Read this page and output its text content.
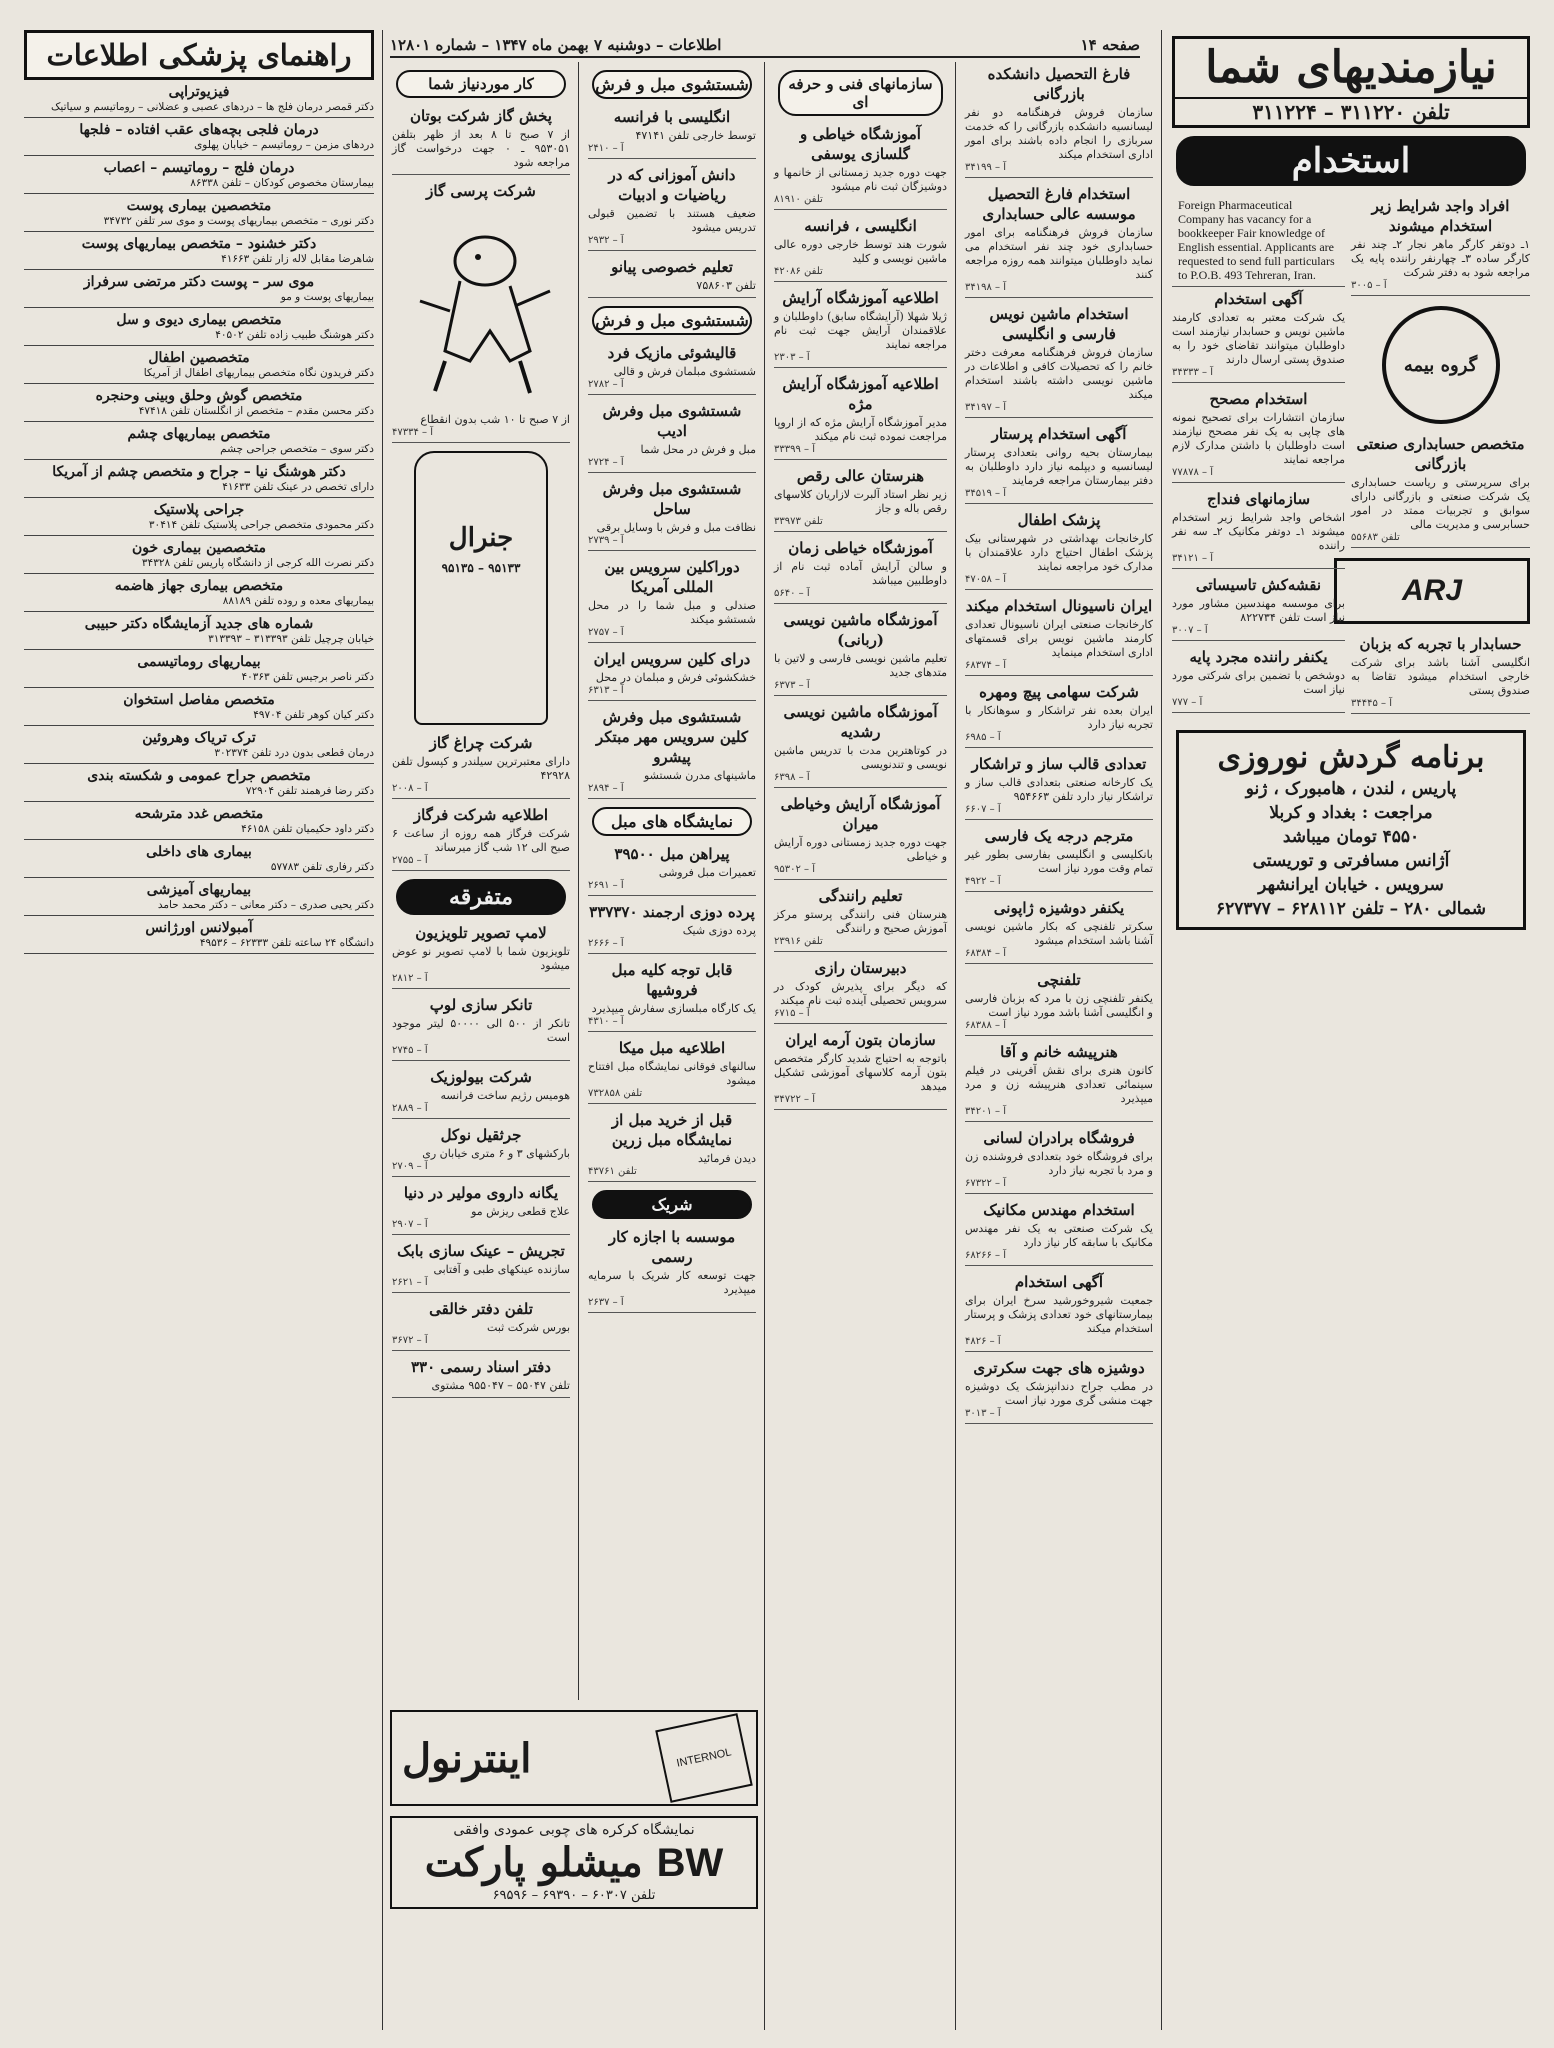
صفحه ۱۴
اطلاعات – دوشنبه ۷ بهمن ماه ۱۳۴۷ – شماره ۱۲۸۰۱	نیازمندیهای شما
تلفن ۳۱۱۲۲۰ – ۳۱۱۲۲۴
استخدام
افراد واجد شرایط زیر استخدام میشوند

۱ـ دوتفر کارگر ماهر نجار ۲ـ چند نفر کارگر ساده ۳ـ چهارنفر راننده پایه یک مراجعه شود به دفتر شرکت

آ – ۳۰۰۵
گروه بیمه
متخصص حسابداری صنعتی بازرگانی

برای سرپرستی و ریاست حسابداری یک شرکت صنعتی و بازرگانی دارای سوابق و تجربیات ممتد در امور حسابرسی و مدیریت مالی

تلفن ۵۵۶۸۳
ARJ
حسابدار با تجربه که بزبان

انگلیسی آشنا باشد برای شرکت خارجی استخدام میشود تقاضا به صندوق پستی

آ – ۳۴۴۴۵
Foreign Pharmaceutical Company has vacancy for a bookkeeper Fair knowledge of English essential. Applicants are requested to send full particulars to P.O.B. 493 Tehreran, Iran.
آگهی استخدام

یک شرکت معتبر به تعدادی کارمند ماشین نویس و حسابدار نیازمند است داوطلبان میتوانند تقاضای خود را به صندوق پستی ارسال دارند

آ – ۳۴۳۳۳
استخدام مصحح

سازمان انتشارات برای تصحیح نمونه های چاپی به یک نفر مصحح نیازمند است داوطلبان با داشتن مدارک لازم مراجعه نمایند

آ – ۷۷۸۷۸
سازمانهای فنداج

اشخاص واجد شرایط زیر استخدام میشوند ۱ـ دوتفر مکانیک ۲ـ سه نفر راننده

آ – ۳۴۱۲۱
نقشه‌کش تاسیساتی

برای موسسه مهندسین مشاور مورد نیاز است تلفن ۸۲۲۷۳۴

آ – ۳۰۰۷
یکنفر راننده مجرد پایه

دوشخص با تضمین برای شرکتی مورد نیاز است

آ – ۷۷۷
برنامه گردش نوروزی
پاریس ، لندن ، هامبورک ، ژنو
مراجعت : بغداد و کربلا
۴۵۵۰ تومان میباشد
آژانس مسافرتی و توریستی
سرویس . خیابان ایرانشهر
شمالی ۲۸۰ – تلفن ۶۲۸۱۱۲ – ۶۲۷۳۷۷
فارغ التحصیل دانشکده بازرگانی

سازمان فروش فرهنگنامه دو نفر لیسانسیه دانشکده بازرگانی را که خدمت سربازی را انجام داده باشند برای امور اداری استخدام میکند

آ – ۳۴۱۹۹
استخدام فارغ التحصیل موسسه عالی حسابداری

سازمان فروش فرهنگنامه برای امور حسابداری خود چند نفر استخدام می نماید داوطلبان میتوانند همه روزه مراجعه کنند

آ – ۳۴۱۹۸
استخدام ماشین نویس فارسی و انگلیسی

سازمان فروش فرهنگنامه معرفت دختر خانم را که تحصیلات کافی و اطلاعات در ماشین نویسی داشته باشند استخدام میکند

آ – ۳۴۱۹۷
آگهی استخدام پرستار

بیمارستان بحیه روانی بتعدادی پرستار لیسانسیه و دیپلمه نیاز دارد داوطلبان به دفتر بیمارستان مراجعه فرمایند

آ – ۳۴۵۱۹
پزشک اطفال

کارخانجات بهداشتی در شهرستانی بیک پزشک اطفال احتیاج دارد علاقمندان با مدارک خود مراجعه نمایند

آ – ۴۷۰۵۸
ایران ناسیونال استخدام میکند

کارخانجات صنعتی ایران ناسیونال تعدادی کارمند ماشین نویس برای قسمتهای اداری استخدام مینماید

آ – ۶۸۳۷۴
شرکت سهامی پیچ ومهره

ایران بعده نفر تراشکار و سوهانکار با تجربه نیاز دارد

آ – ۶۹۸۵
تعدادی قالب ساز و تراشکار

یک کارخانه صنعتی بتعدادی قالب ساز و تراشکار نیاز دارد تلفن ۹۵۴۶۶۳

آ – ۶۶۰۷
مترجم درجه یک فارسی

بانکلیسی و انگلیسی بفارسی بطور غیر تمام وقت مورد نیاز است

آ – ۴۹۲۲
یکنفر دوشیزه ژاپونی

سکرتر تلفنچی که بکار ماشین نویسی آشنا باشد استخدام میشود

آ – ۶۸۳۸۴
تلفنچی

یکنفر تلفنچی زن با مرد که بزبان فارسی و انگلیسی آشنا باشد مورد نیاز است

آ – ۶۸۳۸۸
هنرپیشه خانم و آقا

کانون هنری برای نقش آفرینی در فیلم سینمائی تعدادی هنرپیشه زن و مرد میپذیرد

آ – ۳۴۲۰۱
فروشگاه برادران لسانی

برای فروشگاه خود بتعدادی فروشنده زن و مرد با تجربه نیاز دارد

آ – ۶۷۳۲۲
استخدام مهندس مکانیک

یک شرکت صنعتی به یک نفر مهندس مکانیک با سابقه کار نیاز دارد

آ – ۶۸۲۶۶
آگهی استخدام

جمعیت شیروخورشید سرخ ایران برای بیمارستانهای خود تعدادی پزشک و پرستار استخدام میکند

آ – ۴۸۲۶
دوشیزه های جهت سکرتری

در مطب جراح دندانپزشک یک دوشیزه جهت منشی گری مورد نیاز است

آ – ۳۰۱۳
سازمانهای فنی و حرفه ای
آموزشگاه خیاطی و گلسازی یوسفی

جهت دوره جدید زمستانی از خانمها و دوشیزگان ثبت نام میشود

تلفن ۸۱۹۱۰
انگلیسی ، فرانسه

شورت هند توسط خارجی دوره عالی ماشین نویسی و کلید

تلفن ۴۲۰۸۶
اطلاعیه آموزشگاه آرایش

ژیلا شهلا (آرایشگاه سابق) داوطلبان و علاقمندان آرایش جهت ثبت نام مراجعه نمایند

آ – ۲۳۰۳
اطلاعیه آموزشگاه آرایش مژه

مدیر آموزشگاه آرایش مژه که از اروپا مراجعت نموده ثبت نام میکند

آ – ۳۳۳۹۹
هنرستان عالی رقص

زیر نظر استاد آلبرت لازاریان کلاسهای رقص باله و جاز

تلفن ۳۳۹۷۳
آموزشگاه خیاطی زمان

و سالن آرایش آماده ثبت نام از داوطلبین میباشد

آ – ۵۶۴۰
آموزشگاه ماشین نویسی (ربانی)

تعلیم ماشین نویسی فارسی و لاتین با متدهای جدید

آ – ۶۳۷۳
آموزشگاه ماشین نویسی رشدیه

در کوتاهترین مدت با تدریس ماشین نویسی و تندنویسی

آ – ۶۳۹۸
آموزشگاه آرایش وخیاطی میران

جهت دوره جدید زمستانی دوره آرایش و خیاطی

آ – ۹۵۳۰۲
تعلیم رانندگی

هنرستان فنی رانندگی پرستو مرکز آموزش صحیح و رانندگی

تلفن ۲۳۹۱۶
دبیرستان رازی

که دیگر برای پذیرش کودک در سرویس تحصیلی آینده ثبت نام میکند

آ – ۶۷۱۵
سازمان بتون آرمه ایران

باتوجه به احتیاج شدید کارگر متخصص بتون آرمه کلاسهای آموزشی تشکیل میدهد

آ – ۳۴۷۲۲
شستشوی مبل و فرش
انگلیسی با فرانسه

توسط خارجی تلفن ۴۷۱۴۱

آ – ۲۴۱۰
دانش آموزانی که در ریاضیات و ادبیات

ضعیف هستند با تضمین قبولی تدریس میشود

آ – ۲۹۳۲
تعلیم خصوصی پیانو

تلفن ۷۵۸۶۰۳

شستشوی مبل و فرش
قالیشوئی مازیک فرد

شستشوی مبلمان فرش و قالی

آ – ۲۷۸۲
شستشوی مبل وفرش ادیب

مبل و فرش در محل شما

آ – ۲۷۲۴
شستشوی مبل وفرش ساحل

نظافت مبل و فرش با وسایل برقی

آ – ۲۷۳۹
دوراکلین سرویس بین المللی آمریکا

صندلی و مبل شما را در محل شستشو میکند

آ – ۲۷۵۷
درای کلین سرویس ایران

خشکشوئی فرش و مبلمان در محل

آ – ۶۳۱۳
شستشوی مبل وفرش کلین سرویس مهر مبتکر پیشرو

ماشینهای مدرن شستشو

آ – ۲۸۹۴
نمایشگاه های مبل
پیراهن مبل ۳۹۵۰۰

تعمیرات مبل فروشی

آ – ۲۶۹۱
پرده دوزی ارجمند ۳۳۷۳۷۰

پرده دوزی شیک

آ – ۲۶۶۶
قابل توجه کلیه مبل فروشیها

یک کارگاه مبلسازی سفارش میپذیرد

آ – ۴۳۱۰
اطلاعیه مبل میکا

سالنهای فوقانی نمایشگاه مبل افتتاح میشود

تلفن ۷۳۲۸۵۸
قبل از خرید مبل از نمایشگاه مبل زرین

دیدن فرمائید

تلفن ۴۳۷۶۱
شریک
موسسه با اجازه کار رسمی

جهت توسعه کار شریک با سرمایه میپذیرد

آ – ۲۶۳۷
کار موردنیاز شما
پخش گاز شرکت بوتان

از ۷ صبح تا ۸ بعد از ظهر بتلفن ۹۵۳۰۵۱ ـ ۰ جهت درخواست گاز مراجعه شود

شرکت پرسی گاز

از ۷ صبح تا ۱۰ شب بدون انقطاع

آ – ۴۷۳۳۴
جنرال
۹۵۱۳۵ – ۹۵۱۳۳
شرکت چراغ گاز

دارای معتبرترین سیلندر و کپسول تلفن ۴۲۹۲۸

آ – ۲۰۰۸
اطلاعیه شرکت فرگاز

شرکت فرگاز همه روزه از ساعت ۶ صبح الی ۱۲ شب گاز میرساند

آ – ۲۷۵۵
متفرقه
لامپ تصویر تلویزیون

تلویزیون شما با لامپ تصویر نو عوض میشود

آ – ۲۸۱۲
تانکر سازی لوپ

تانکر از ۵۰۰ الی ۵۰۰۰۰ لیتر موجود است

آ – ۲۷۴۵
شرکت بیولوزیک

هومیس رژیم ساخت فرانسه

آ – ۲۸۸۹
جرثقیل نوکل

بارکشهای ۳ و ۶ متری خیابان ری

آ – ۲۷۰۹
یگانه داروی مولیر در دنیا

علاج قطعی ریزش مو

آ – ۲۹۰۷
تجریش – عینک سازی بابک

سازنده عینکهای طبی و آفتابی

آ – ۲۶۲۱
تلفن دفتر خالقی

بورس شرکت ثبت

آ – ۳۶۷۲
دفتر اسناد رسمی ۳۳۰

تلفن ۵۵۰۴۷ – ۹۵۵۰۴۷ مشتوی

INTERNOL
اینترنول
نمایشگاه کرکره های چوبی عمودی وافقی
BW میشلو پارکت
تلفن ۶۰۳۰۷ – ۶۹۳۹۰ – ۶۹۵۹۶
راهنمای پزشکی اطلاعات
فیزیوتراپی
دکتر قمصر درمان فلج ها – دردهای عصبی و عضلانی – روماتیسم و سیاتیک
درمان فلجی بچه‌های عقب افتاده – فلجها
دردهای مزمن – روماتیسم – خیابان پهلوی
درمان فلج – روماتیسم – اعصاب
بیمارستان مخصوص کودکان – تلفن ۸۶۳۳۸
متخصصین بیماری پوست
دکتر نوری – متخصص بیماریهای پوست و موی سر تلفن ۳۴۷۳۲
دکتر خشنود – متخصص بیماریهای پوست
شاهرضا مقابل لاله زار تلفن ۴۱۶۶۳
موی سر – پوست دکتر مرتضی سرفراز
بیماریهای پوست و مو
متخصص بیماری دیوی و سل
دکتر هوشنگ طبیب زاده تلفن ۴۰۵۰۲
متخصصین اطفال
دکتر فریدون نگاه متخصص بیماریهای اطفال از آمریکا
متخصص گوش وحلق وبینی وحنجره
دکتر محسن مقدم – متخصص از انگلستان تلفن ۴۷۴۱۸
متخصص بیماریهای چشم
دکتر سوی – متخصص جراحی چشم
دکتر هوشنگ نیا – جراح و متخصص چشم از آمریکا
دارای تخصص در عینک تلفن ۴۱۶۳۳
جراحی پلاستیک
دکتر محمودی متخصص جراحی پلاستیک تلفن ۳۰۴۱۴
متخصصین بیماری خون
دکتر نصرت الله کرجی از دانشگاه پاریس تلفن ۳۴۳۲۸
متخصص بیماری جهاز هاضمه
بیماریهای معده و روده تلفن ۸۸۱۸۹
شماره های جدید آزمایشگاه دکتر حبیبی
خیابان چرچیل تلفن ۳۱۳۳۹۳ – ۳۱۳۳۹۳
بیماریهای روماتیسمی
دکتر ناصر برجیس تلفن ۴۰۳۶۳
متخصص مفاصل استخوان
دکتر کیان کوهر تلفن ۴۹۷۰۴
ترک تریاک وهروئین
درمان قطعی بدون درد تلفن ۳۰۲۳۷۴
متخصص جراح عمومی و شکسته بندی
دکتر رضا فرهمند تلفن ۷۲۹۰۴
متخصص غدد مترشحه
دکتر داود حکیمیان تلفن ۴۶۱۵۸
بیماری های داخلی
دکتر رفاری تلفن ۵۷۷۸۳
بیماریهای آمیزشی
دکتر یحیی صدری – دکتر معانی – دکتر محمد حامد
آمبولانس اورژانس
دانشگاه ۲۴ ساعته تلفن ۶۲۳۳۳ – ۴۹۵۳۶
